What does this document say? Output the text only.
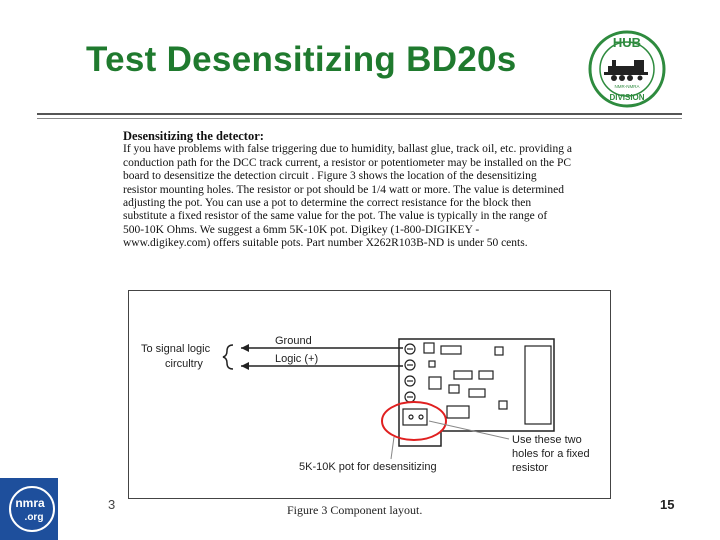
Test Desensitizing BD20s	HUB
DIVISION
NMR-NMRA
Desensitizing the detector:
If you have problems with false triggering due to humidity, ballast glue, track oil, etc. providing a
conduction path for the DCC track current, a resistor or potentiometer may be installed on the PC
board to desensitize the detection circuit . Figure 3 shows the location of the desensitizing
resistor mounting holes. The resistor or pot should be 1/4 watt or more. The value is determined
adjusting the pot. You can use a pot to determine the correct resistance for the block then
substitute a fixed resistor of the same value for the pot. The value is typically in the range of
500-10K Ohms. We suggest a 6mm 5K-10K pot. Digikey (1-800-DIGIKEY -
www.digikey.com) offers suitable pots. Part number X262R103B-ND is under 50 cents.
To signal logic
circultry
Ground
Logic (+)
Use these two
holes for a fixed
resistor
5K-10K pot for desensitizing
Figure 3 Component layout.
nmra
.org
3	15
